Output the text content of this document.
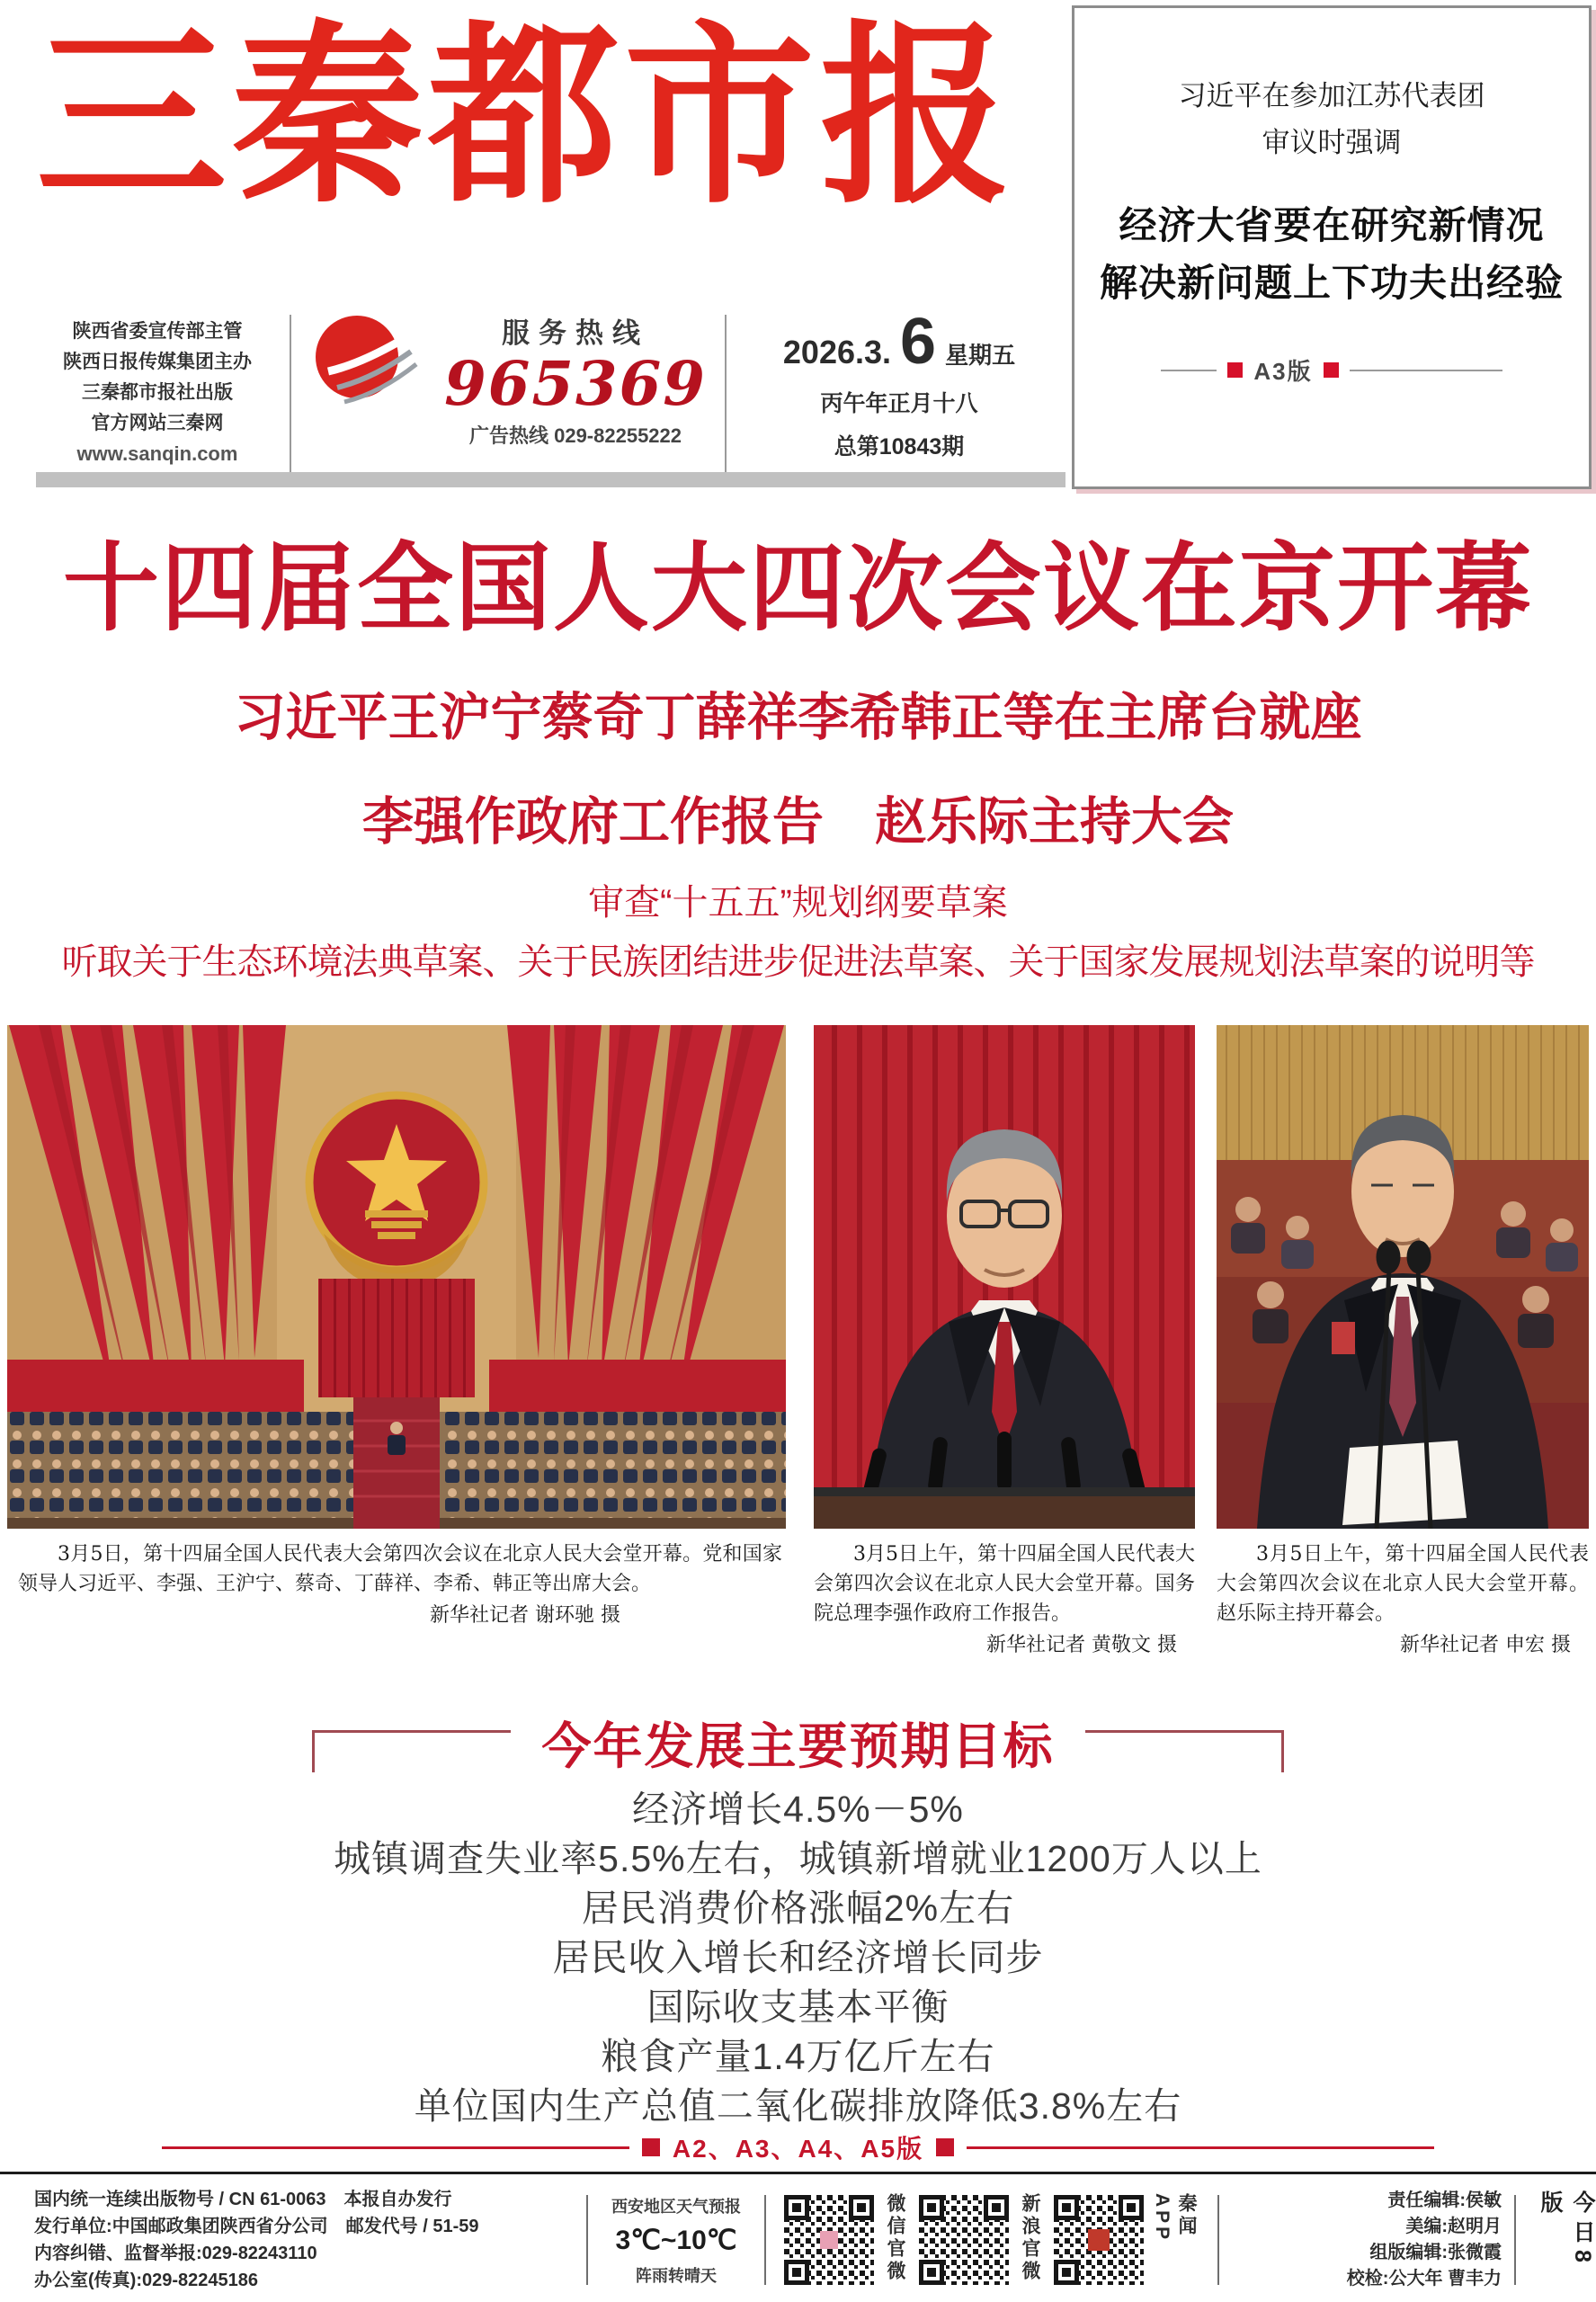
三秦都市报
陕西省委宣传部主管
陕西日报传媒集团主办
三秦都市报社出版
官方网站三秦网
www.sanqin.com
服务热线
965369
广告热线 029-82255222
2026.3. 6 星期五
丙午年正月十八
总第10843期
习近平在参加江苏代表团
审议时强调
经济大省要在研究新情况
解决新问题上下功夫出经验
A3版
十四届全国人大四次会议在京开幕
习近平王沪宁蔡奇丁薛祥李希韩正等在主席台就座
李强作政府工作报告　赵乐际主持大会
审查“十五五”规划纲要草案
听取关于生态环境法典草案、关于民族团结进步促进法草案、关于国家发展规划法草案的说明等
3月5日，第十四届全国人民代表大会第四次会议在北京人民大会堂开幕。党和国家领导人习近平、李强、王沪宁、蔡奇、丁薛祥、李希、韩正等出席大会。
新华社记者 谢环驰 摄
3月5日上午，第十四届全国人民代表大会第四次会议在北京人民大会堂开幕。国务院总理李强作政府工作报告。
新华社记者 黄敬文 摄
3月5日上午，第十四届全国人民代表大会第四次会议在北京人民大会堂开幕。赵乐际主持开幕会。
新华社记者 申宏 摄
今年发展主要预期目标
经济增长4.5%－5%
城镇调查失业率5.5%左右，城镇新增就业1200万人以上
居民消费价格涨幅2%左右
居民收入增长和经济增长同步
国际收支基本平衡
粮食产量1.4万亿斤左右
单位国内生产总值二氧化碳排放降低3.8%左右
A2、A3、A4、A5版
国内统一连续出版物号 / CN 61-0063　本报自办发行
发行单位:中国邮政集团陕西省分公司　邮发代号 / 51-59
内容纠错、监督举报:029-82243110
办公室(传真):029-82245186
西安地区天气预报
3℃~10℃
阵雨转晴天	微信官微	新浪官微	秦闻APP	责任编辑:侯敏
美编:赵明月
组版编辑:张微霞
校检:公大年 曹丰力
今日8版
